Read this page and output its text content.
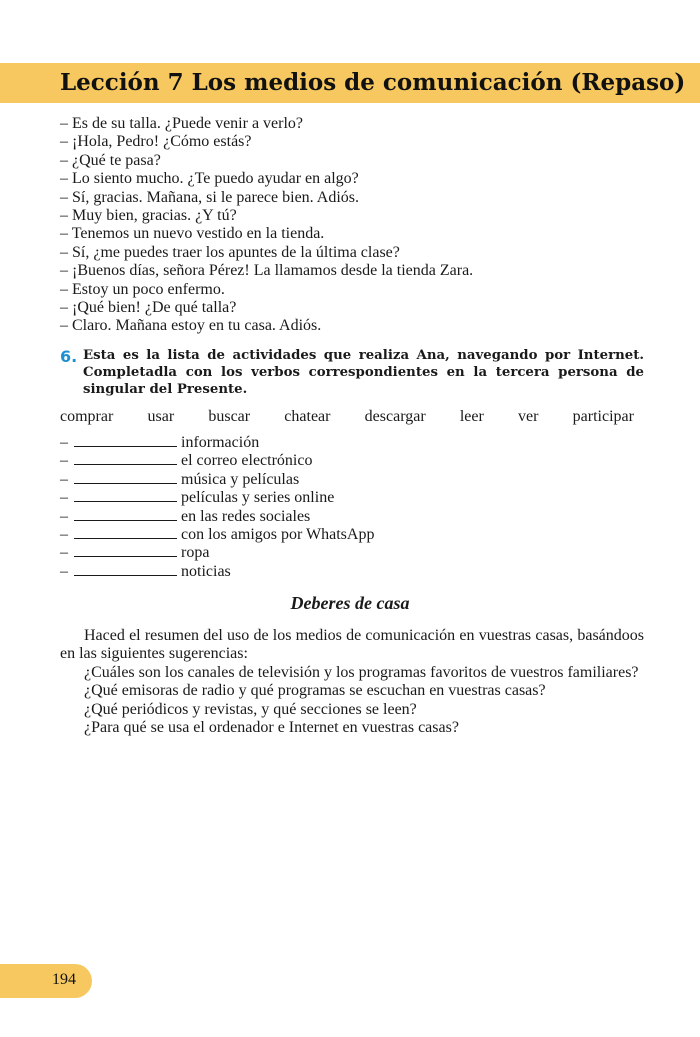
Lección 7 Los medios de comunicación (Repaso)
– Es de su talla. ¿Puede venir a verlo?
– ¡Hola, Pedro! ¿Cómo estás?
– ¿Qué te pasa?
– Lo siento mucho. ¿Te puedo ayudar en algo?
– Sí, gracias. Mañana, si le parece bien. Adiós.
– Muy bien, gracias. ¿Y tú?
– Tenemos un nuevo vestido en la tienda.
– Sí, ¿me puedes traer los apuntes de la última clase?
– ¡Buenos días, señora Pérez! La llamamos desde la tienda Zara.
– Estoy un poco enfermo.
– ¡Qué bien! ¿De qué talla?
– Claro. Mañana estoy en tu casa. Adiós.
6. Esta es la lista de actividades que realiza Ana, navegando por Internet. Completadla con los verbos correspondientes en la tercera persona de singular del Presente.
comprar usar buscar chatear descargar leer ver participar
–	información
–	el correo electrónico
–	música y películas
–	películas y series online
–	en las redes sociales
–	con los amigos por WhatsApp
–	ropa
–	noticias
Deberes de casa

Haced el resumen del uso de los medios de comunicación en vuestras casas, basándoos en las siguientes sugerencias:

¿Cuáles son los canales de televisión y los programas favoritos de vuestros familiares?

¿Qué emisoras de radio y qué programas se escuchan en vuestras casas?

¿Qué periódicos y revistas, y qué secciones se leen?

¿Para qué se usa el ordenador e Internet en vuestras casas?

194
